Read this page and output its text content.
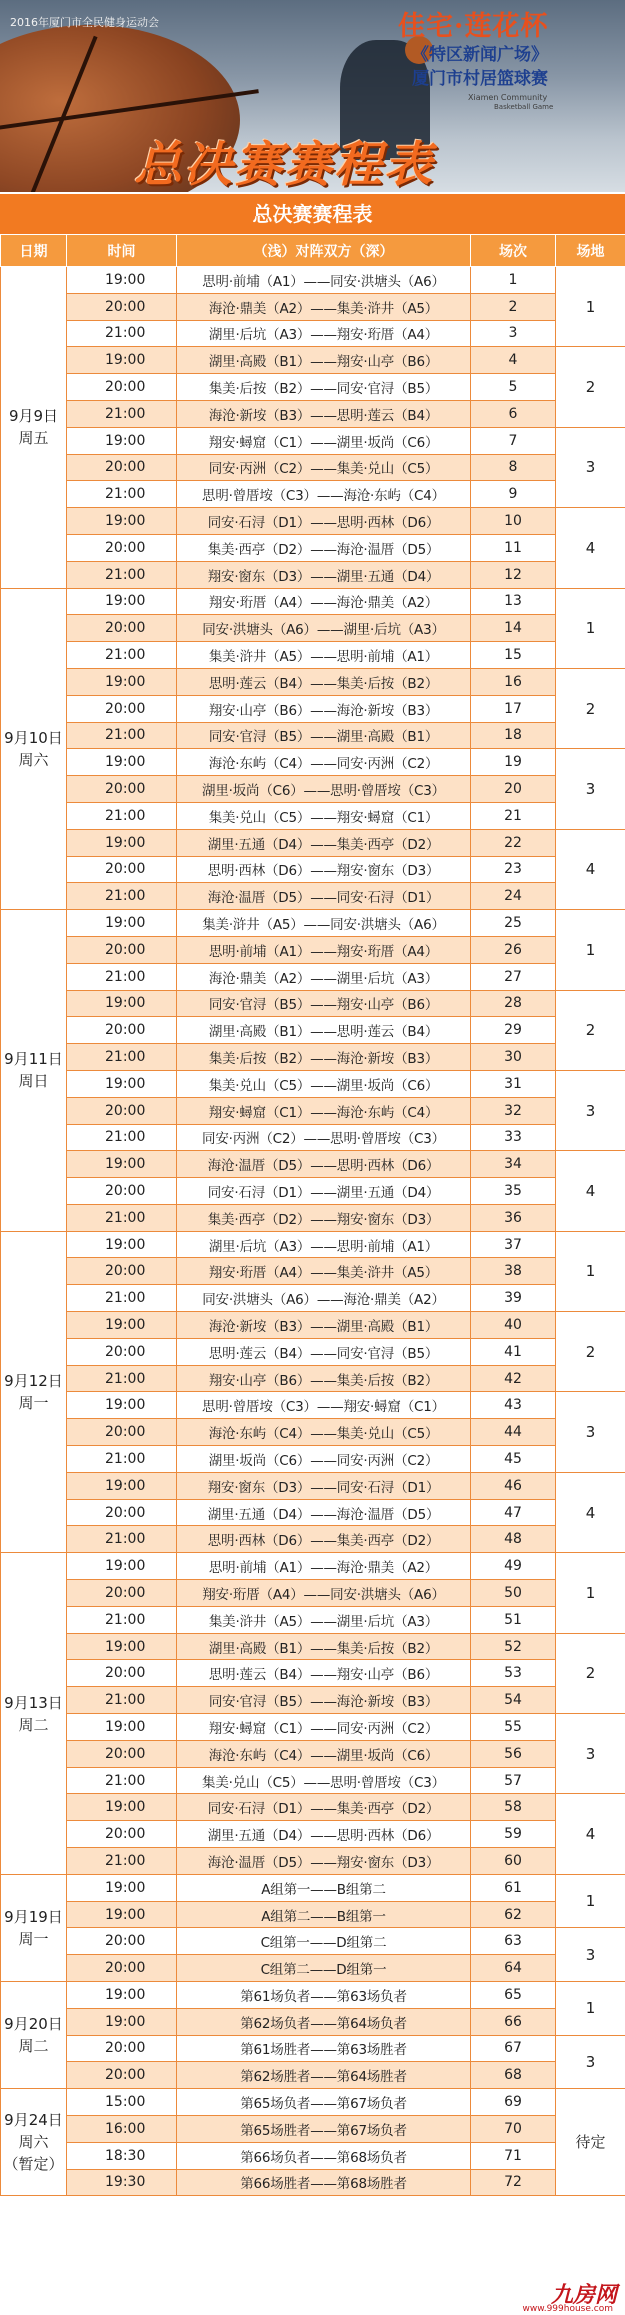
2016年厦门市全民健身运动会	佳宅·莲花杯
《特区新闻广场》
厦门市村居篮球赛
Xiamen Community
Basketball Game
总决赛赛程表
总决赛赛程表
日期	时间	（浅）对阵双方（深）	场次	场地
9月9日
周五	19:00	思明·前埔（A1）——同安·洪塘头（A6）	1	1
	20:00	海沧·鼎美（A2）——集美·浒井（A5）	2	
	21:00	湖里·后坑（A3）——翔安·珩厝（A4）	3	
	19:00	湖里·高殿（B1）——翔安·山亭（B6）	4	2
	20:00	集美·后按（B2）——同安·官浔（B5）	5	
	21:00	海沧·新垵（B3）——思明·莲云（B4）	6	
	19:00	翔安·蟳窟（C1）——湖里·坂尚（C6）	7	3
	20:00	同安·丙洲（C2）——集美·兑山（C5）	8	
	21:00	思明·曾厝垵（C3）——海沧·东屿（C4）	9	
	19:00	同安·石浔（D1）——思明·西林（D6）	10	4
	20:00	集美·西亭（D2）——海沧·温厝（D5）	11	
	21:00	翔安·窗东（D3）——湖里·五通（D4）	12	
9月10日
周六	19:00	翔安·珩厝（A4）——海沧·鼎美（A2）	13	1
	20:00	同安·洪塘头（A6）——湖里·后坑（A3）	14	
	21:00	集美·浒井（A5）——思明·前埔（A1）	15	
	19:00	思明·莲云（B4）——集美·后按（B2）	16	2
	20:00	翔安·山亭（B6）——海沧·新垵（B3）	17	
	21:00	同安·官浔（B5）——湖里·高殿（B1）	18	
	19:00	海沧·东屿（C4）——同安·丙洲（C2）	19	3
	20:00	湖里·坂尚（C6）——思明·曾厝垵（C3）	20	
	21:00	集美·兑山（C5）——翔安·蟳窟（C1）	21	
	19:00	湖里·五通（D4）——集美·西亭（D2）	22	4
	20:00	思明·西林（D6）——翔安·窗东（D3）	23	
	21:00	海沧·温厝（D5）——同安·石浔（D1）	24	
9月11日
周日	19:00	集美·浒井（A5）——同安·洪塘头（A6）	25	1
	20:00	思明·前埔（A1）——翔安·珩厝（A4）	26	
	21:00	海沧·鼎美（A2）——湖里·后坑（A3）	27	
	19:00	同安·官浔（B5）——翔安·山亭（B6）	28	2
	20:00	湖里·高殿（B1）——思明·莲云（B4）	29	
	21:00	集美·后按（B2）——海沧·新垵（B3）	30	
	19:00	集美·兑山（C5）——湖里·坂尚（C6）	31	3
	20:00	翔安·蟳窟（C1）——海沧·东屿（C4）	32	
	21:00	同安·丙洲（C2）——思明·曾厝垵（C3）	33	
	19:00	海沧·温厝（D5）——思明·西林（D6）	34	4
	20:00	同安·石浔（D1）——湖里·五通（D4）	35	
	21:00	集美·西亭（D2）——翔安·窗东（D3）	36	
9月12日
周一	19:00	湖里·后坑（A3）——思明·前埔（A1）	37	1
	20:00	翔安·珩厝（A4）——集美·浒井（A5）	38	
	21:00	同安·洪塘头（A6）——海沧·鼎美（A2）	39	
	19:00	海沧·新垵（B3）——湖里·高殿（B1）	40	2
	20:00	思明·莲云（B4）——同安·官浔（B5）	41	
	21:00	翔安·山亭（B6）——集美·后按（B2）	42	
	19:00	思明·曾厝垵（C3）——翔安·蟳窟（C1）	43	3
	20:00	海沧·东屿（C4）——集美·兑山（C5）	44	
	21:00	湖里·坂尚（C6）——同安·丙洲（C2）	45	
	19:00	翔安·窗东（D3）——同安·石浔（D1）	46	4
	20:00	湖里·五通（D4）——海沧·温厝（D5）	47	
	21:00	思明·西林（D6）——集美·西亭（D2）	48	
9月13日
周二	19:00	思明·前埔（A1）——海沧·鼎美（A2）	49	1
	20:00	翔安·珩厝（A4）——同安·洪塘头（A6）	50	
	21:00	集美·浒井（A5）——湖里·后坑（A3）	51	
	19:00	湖里·高殿（B1）——集美·后按（B2）	52	2
	20:00	思明·莲云（B4）——翔安·山亭（B6）	53	
	21:00	同安·官浔（B5）——海沧·新垵（B3）	54	
	19:00	翔安·蟳窟（C1）——同安·丙洲（C2）	55	3
	20:00	海沧·东屿（C4）——湖里·坂尚（C6）	56	
	21:00	集美·兑山（C5）——思明·曾厝垵（C3）	57	
	19:00	同安·石浔（D1）——集美·西亭（D2）	58	4
	20:00	湖里·五通（D4）——思明·西林（D6）	59	
	21:00	海沧·温厝（D5）——翔安·窗东（D3）	60	
9月19日
周一	19:00	A组第一——B组第二	61	1
	19:00	A组第二——B组第一	62	
	20:00	C组第一——D组第二	63	3
	20:00	C组第二——D组第一	64	
9月20日
周二	19:00	第61场负者——第63场负者	65	1
	19:00	第62场负者——第64场负者	66	
	20:00	第61场胜者——第63场胜者	67	3
	20:00	第62场胜者——第64场胜者	68	
9月24日
周六
（暂定）	15:00	第65场负者——第67场负者	69	待定
	16:00	第65场胜者——第67场负者	70	
	18:30	第66场负者——第68场负者	71	
	19:30	第66场胜者——第68场胜者	72	
九房网
www.999house.com
